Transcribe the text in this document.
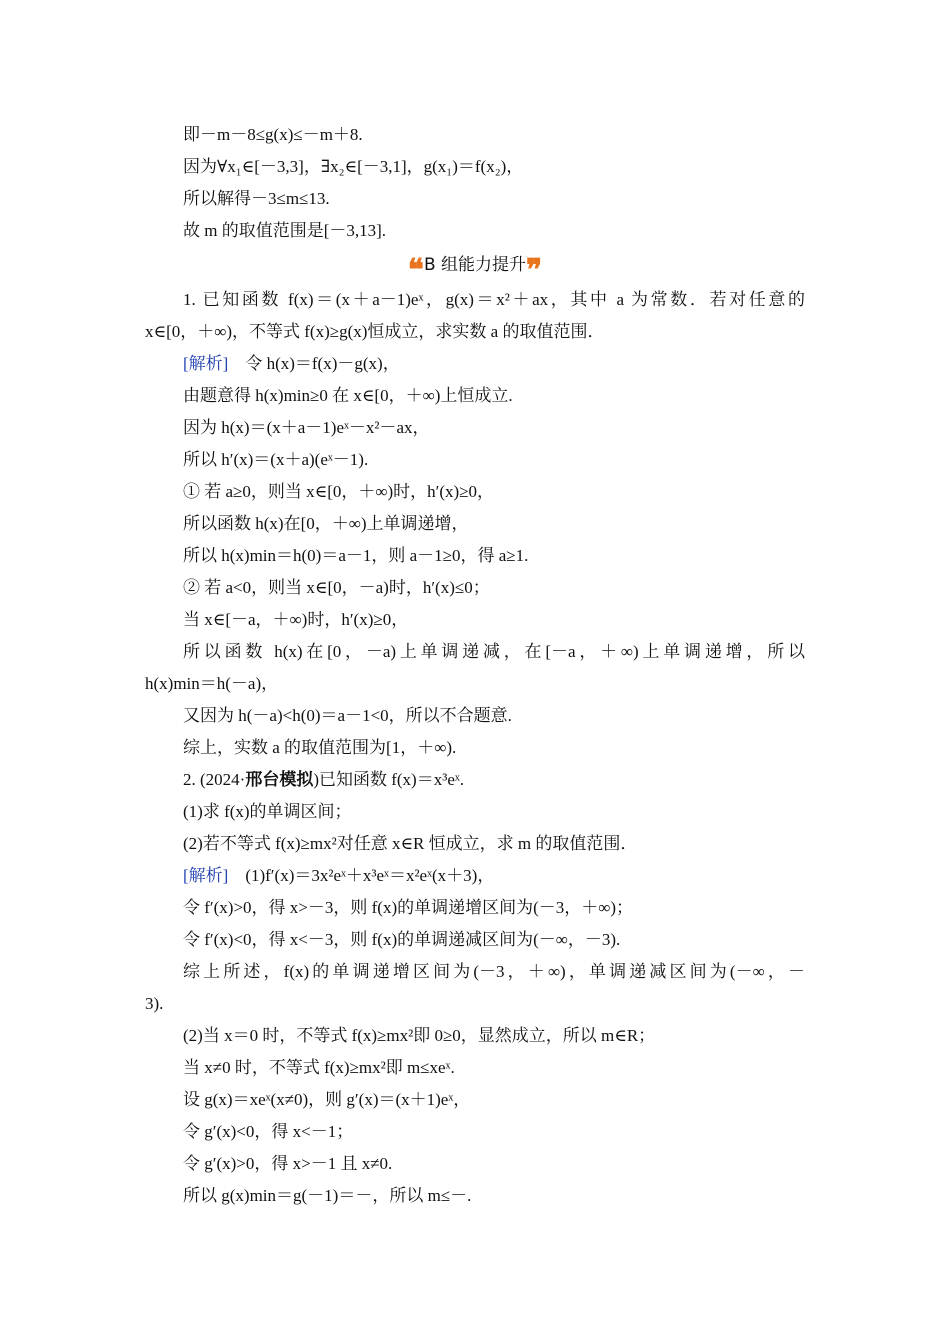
即－m－8≤g(x)≤－m＋8.
因为∀x₁∈[－3,3]，∃x₂∈[－3,1]，g(x₁)＝f(x₂)，
所以解得－3≤m≤13.
故 m 的取值范围是[－3,13].
❝B 组能力提升❞
1. 已知函数 f(x)＝(x＋a－1)eˣ，g(x)＝x²＋ax，其中 a 为常数．若对任意的
x∈[0，＋∞)，不等式 f(x)≥g(x)恒成立，求实数 a 的取值范围．
[解析]  令 h(x)＝f(x)－g(x)，
由题意得 h(x)min≥0 在 x∈[0，＋∞)上恒成立.
因为 h(x)＝(x＋a－1)eˣ－x²－ax，
所以 h′(x)＝(x＋a)(eˣ－1).
① 若 a≥0，则当 x∈[0，＋∞)时，h′(x)≥0，
所以函数 h(x)在[0，＋∞)上单调递增，
所以 h(x)min＝h(0)＝a－1，则 a－1≥0，得 a≥1.
② 若 a<0，则当 x∈[0，－a)时，h′(x)≤0；
当 x∈[－a，＋∞)时，h′(x)≥0，
所以函数 h(x)在[0，－a)上单调递减，在[－a，＋∞)上单调递增，所以
h(x)min＝h(－a)，
又因为 h(－a)<h(0)＝a－1<0，所以不合题意.
综上，实数 a 的取值范围为[1，＋∞).
2. (2024·邢台模拟)已知函数 f(x)＝x³eˣ.
(1)求 f(x)的单调区间；
(2)若不等式 f(x)≥mx²对任意 x∈R 恒成立，求 m 的取值范围．
[解析]  (1)f′(x)＝3x²eˣ＋x³eˣ＝x²eˣ(x＋3)，
令 f′(x)>0，得 x>－3，则 f(x)的单调递增区间为(－3，＋∞)；
令 f′(x)<0，得 x<－3，则 f(x)的单调递减区间为(－∞，－3).
综上所述，f(x)的单调递增区间为(－3，＋∞)，单调递减区间为(－∞，－
3).
(2)当 x＝0 时，不等式 f(x)≥mx²即 0≥0，显然成立，所以 m∈R；
当 x≠0 时，不等式 f(x)≥mx²即 m≤xeˣ.
设 g(x)＝xeˣ(x≠0)，则 g′(x)＝(x＋1)eˣ，
令 g′(x)<0，得 x<－1；
令 g′(x)>0，得 x>－1 且 x≠0.
所以 g(x)min＝g(－1)＝－，所以 m≤－.
